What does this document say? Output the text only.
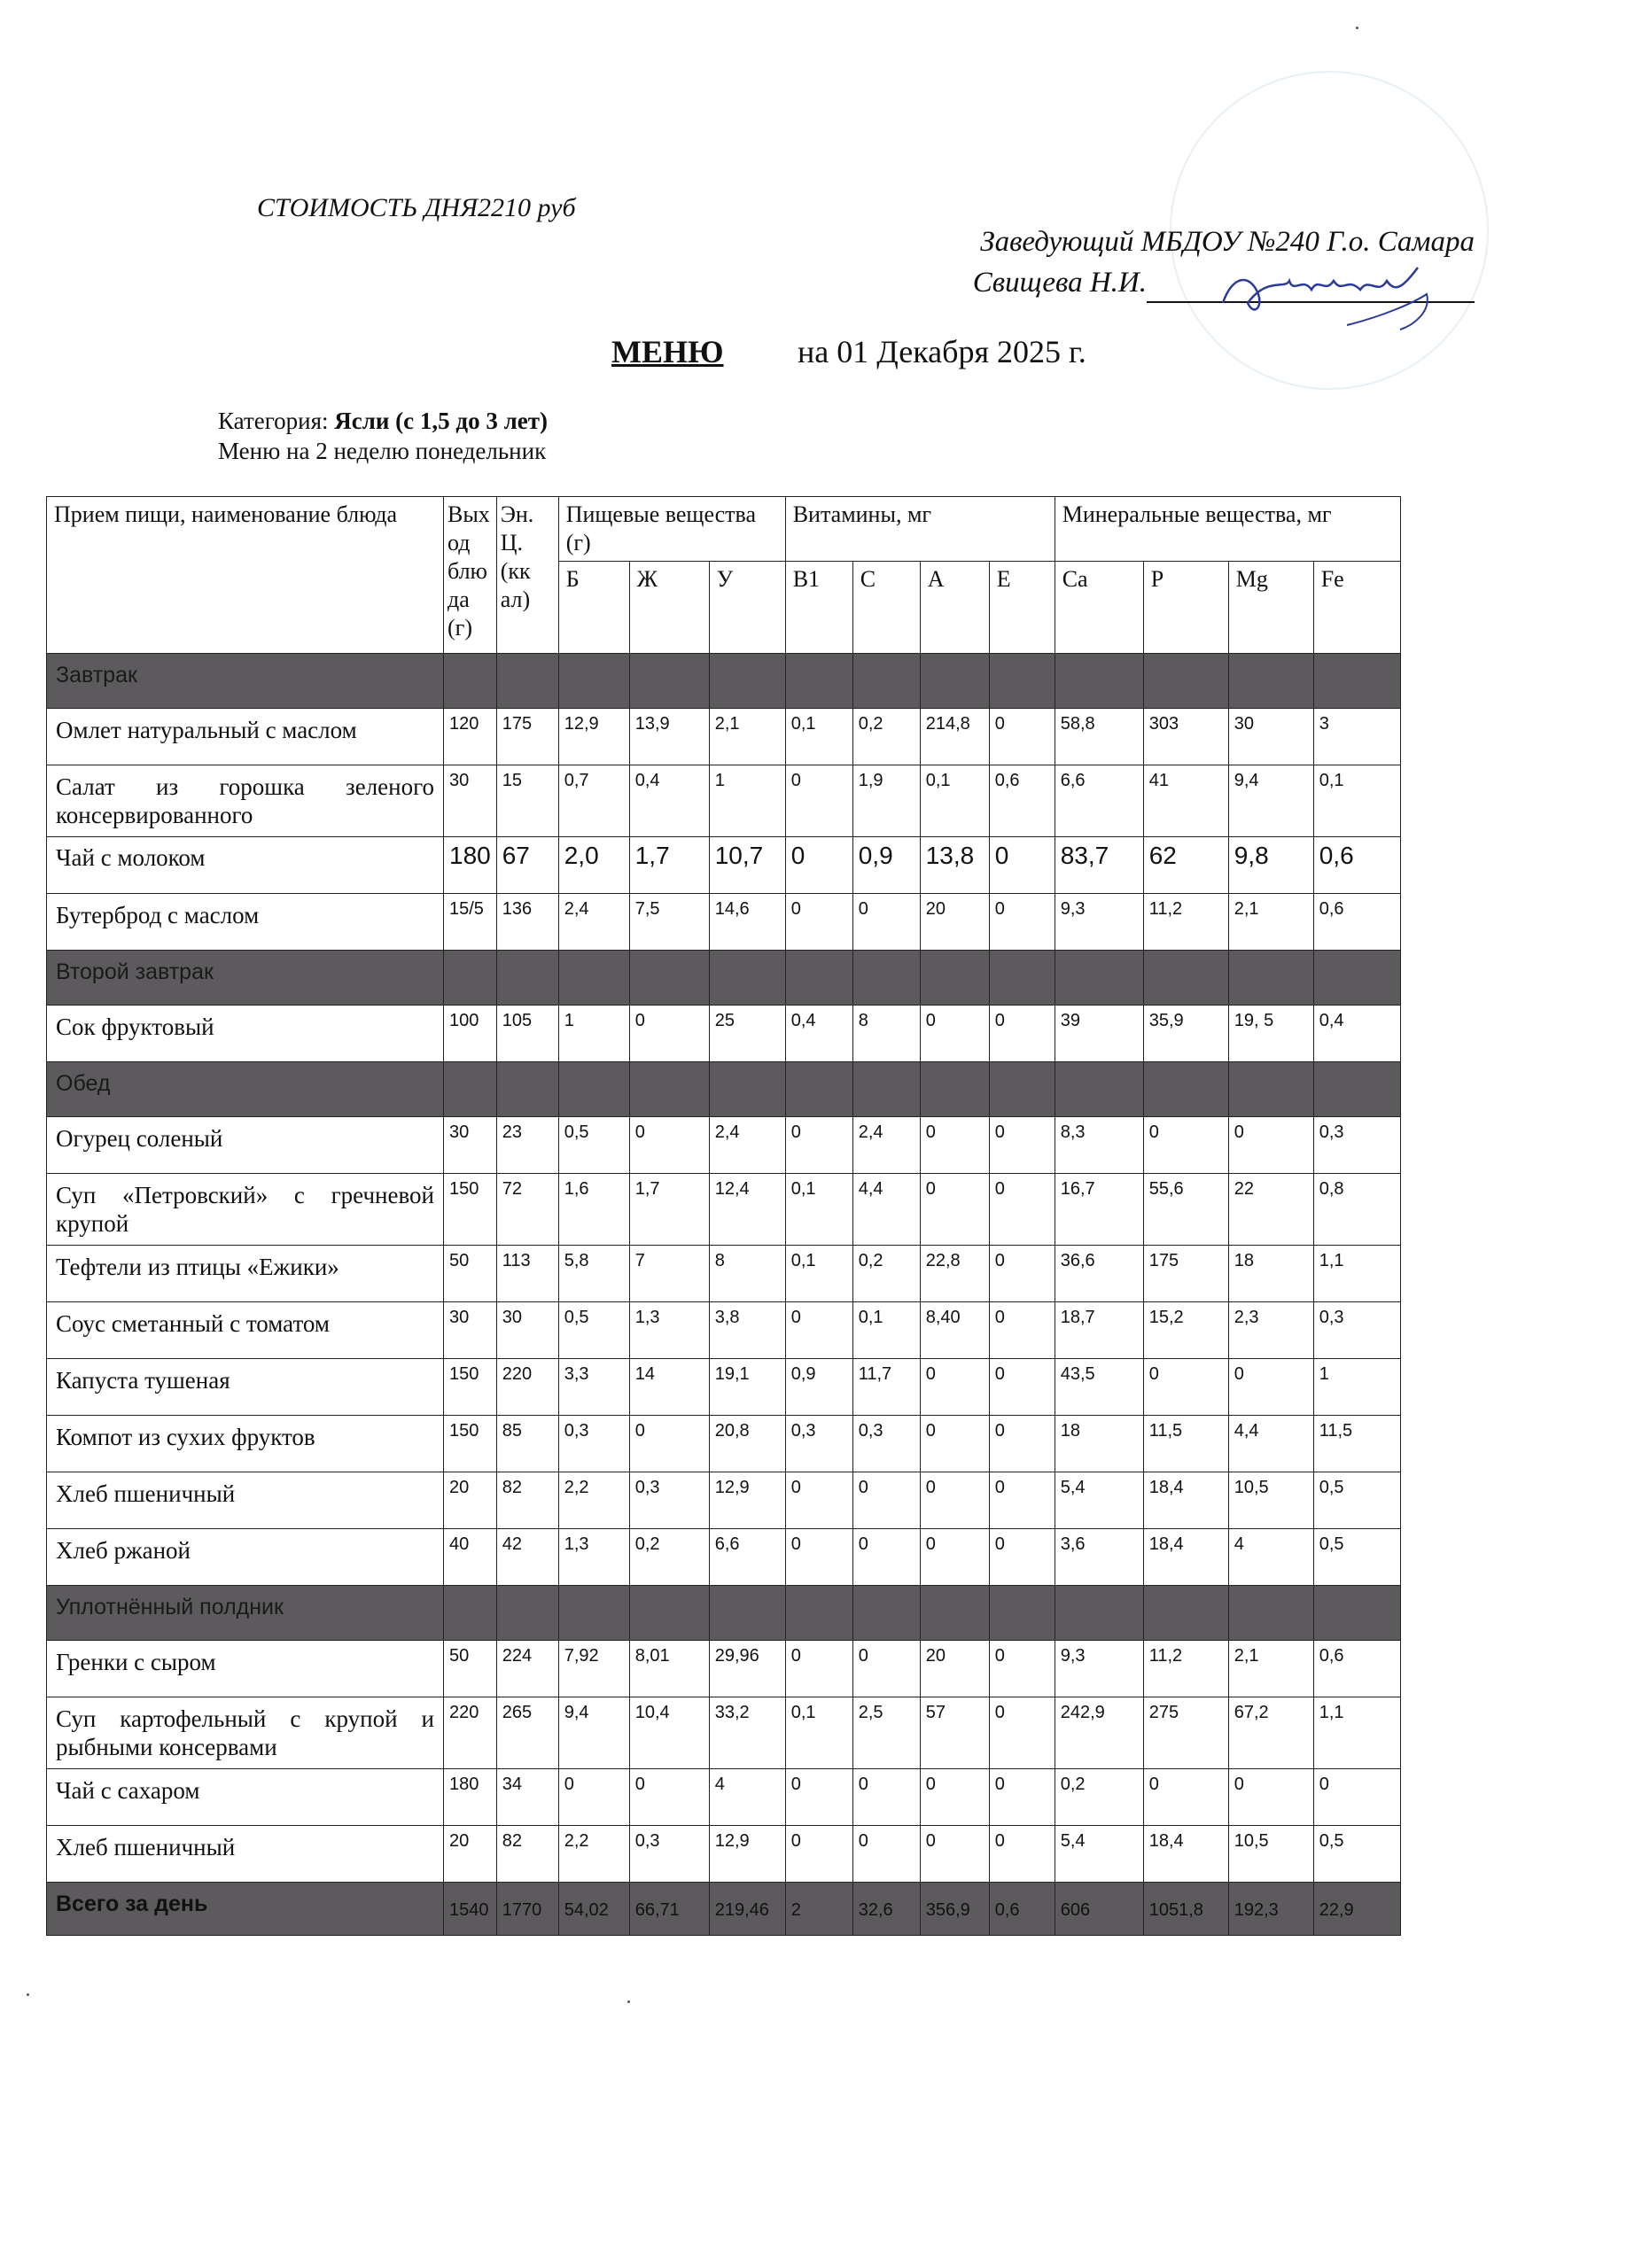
СТОИМОСТЬ ДНЯ2210 руб
Заведующий МБДОУ №240 Г.о. Самара
Свищева Н.И.
МЕНЮ на 01 Декабря 2025 г.
Категория: Ясли (с 1,5 до 3 лет)
Меню на 2 неделю понедельник
Прием пищи, наименование блюда	Вых од блю да (г)	Эн. Ц. (кк ал)	Пищевые вещества (г)			Витамины, мг				Минеральные вещества, мг			
			Б	Ж	У	B1	C	A	E	Ca	P	Mg	Fe
Завтрак													
Омлет натуральный с маслом	120	175	12,9	13,9	2,1	0,1	0,2	214,8	0	58,8	303	30	3
Салат из горошка зеленого консервированного	30	15	0,7	0,4	1	0	1,9	0,1	0,6	6,6	41	9,4	0,1
Чай с молоком	180	67	2,0	1,7	10,7	0	0,9	13,8	0	83,7	62	9,8	0,6
Бутерброд с маслом	15/5	136	2,4	7,5	14,6	0	0	20	0	9,3	11,2	2,1	0,6
Второй завтрак													
Сок фруктовый	100	105	1	0	25	0,4	8	0	0	39	35,9	19, 5	0,4
Обед													
Огурец соленый	30	23	0,5	0	2,4	0	2,4	0	0	8,3	0	0	0,3
Суп «Петровский» с гречневой крупой	150	72	1,6	1,7	12,4	0,1	4,4	0	0	16,7	55,6	22	0,8
Тефтели из птицы «Ежики»	50	113	5,8	7	8	0,1	0,2	22,8	0	36,6	175	18	1,1
Соус сметанный с томатом	30	30	0,5	1,3	3,8	0	0,1	8,40	0	18,7	15,2	2,3	0,3
Капуста тушеная	150	220	3,3	14	19,1	0,9	11,7	0	0	43,5	0	0	1
Компот из сухих фруктов	150	85	0,3	0	20,8	0,3	0,3	0	0	18	11,5	4,4	11,5
Хлеб пшеничный	20	82	2,2	0,3	12,9	0	0	0	0	5,4	18,4	10,5	0,5
Хлеб ржаной	40	42	1,3	0,2	6,6	0	0	0	0	3,6	18,4	4	0,5
Уплотнённый полдник													
Гренки с сыром	50	224	7,92	8,01	29,96	0	0	20	0	9,3	11,2	2,1	0,6
Суп картофельный с крупой и рыбными консервами	220	265	9,4	10,4	33,2	0,1	2,5	57	0	242,9	275	67,2	1,1
Чай с сахаром	180	34	0	0	4	0	0	0	0	0,2	0	0	0
Хлеб пшеничный	20	82	2,2	0,3	12,9	0	0	0	0	5,4	18,4	10,5	0,5
Всего за день	1540	1770	54,02	66,71	219,46	2	32,6	356,9	0,6	606	1051,8	192,3	22,9
